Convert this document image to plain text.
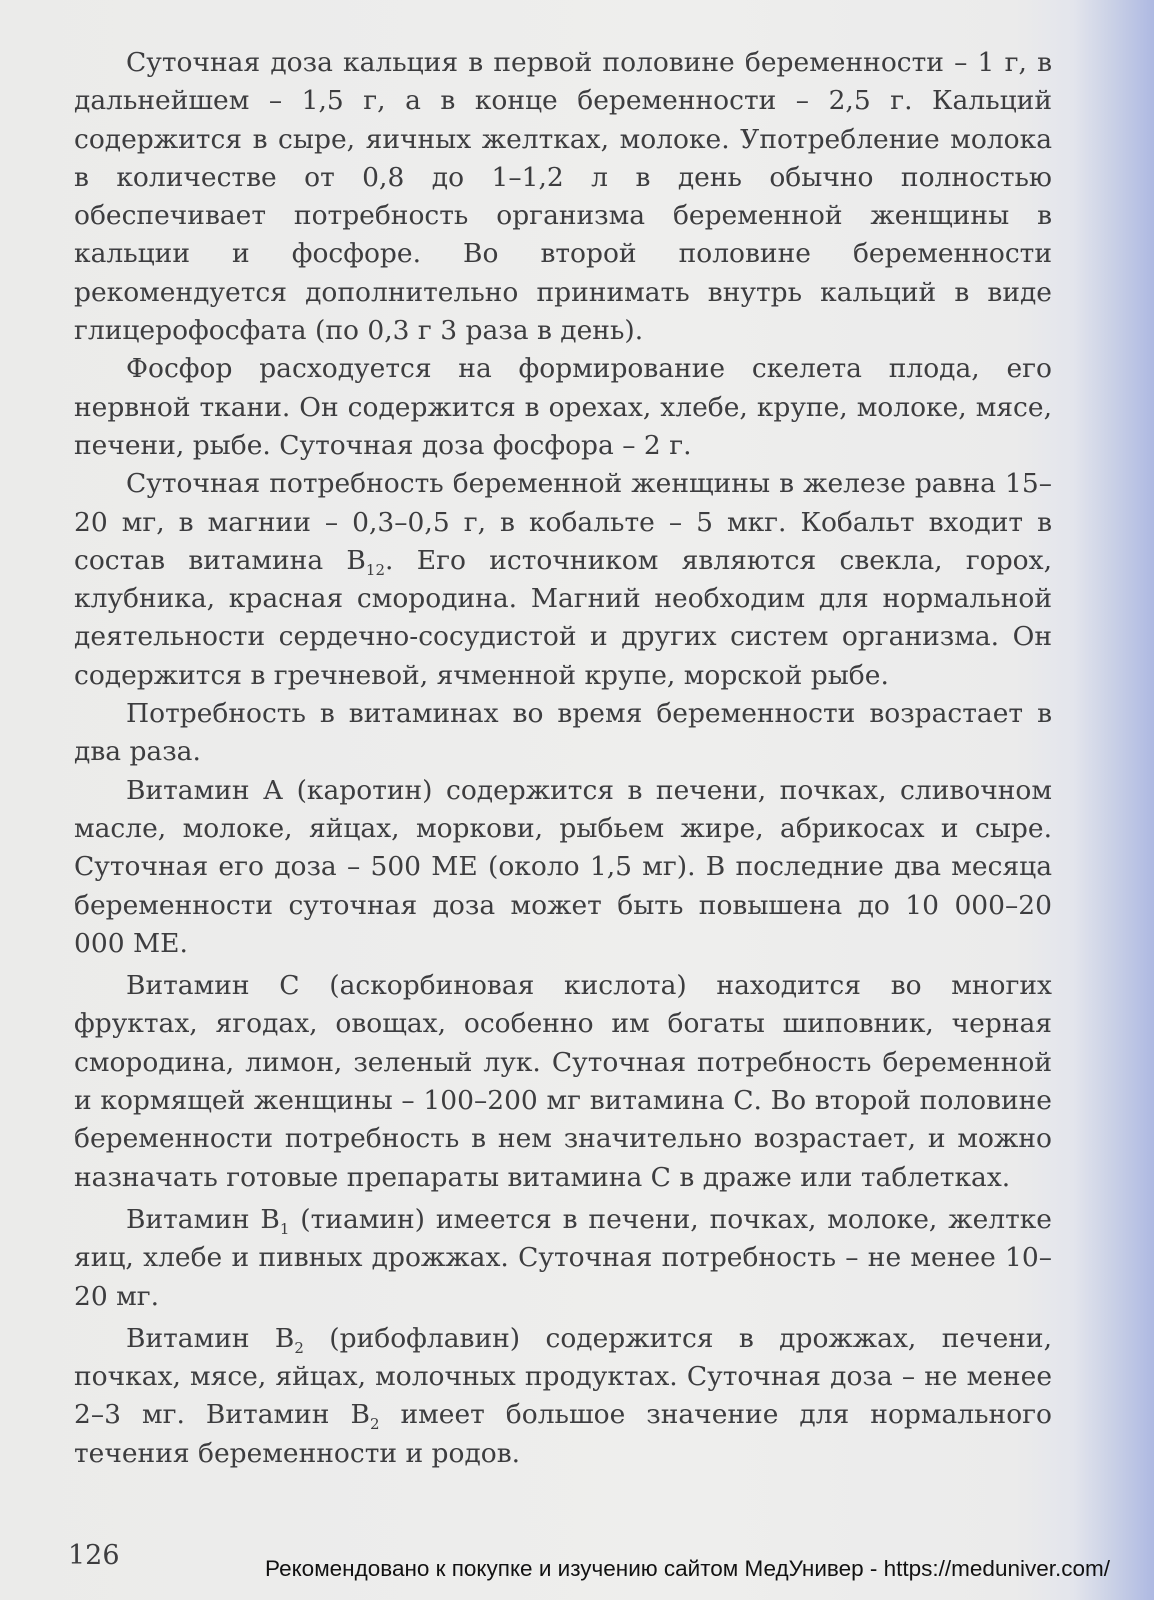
Суточная доза кальция в первой половине беременности – 1 г, в дальнейшем – 1,5 г, а в конце беременности – 2,5 г. Кальций содержится в сыре, яичных желтках, молоке. Употребление молока в количестве от 0,8 до 1–1,2 л в день обычно полностью обеспечивает потребность организма беременной женщины в кальции и фосфоре. Во второй половине беременности рекомендуется дополнительно принимать внутрь кальций в виде глицерофосфата (по 0,3 г 3 раза в день).

Фосфор расходуется на формирование скелета плода, его нервной ткани. Он содержится в орехах, хлебе, крупе, молоке, мясе, печени, рыбе. Суточная доза фосфора – 2 г.

Суточная потребность беременной женщины в железе равна 15–20 мг, в магнии – 0,3–0,5 г, в кобальте – 5 мкг. Кобальт входит в состав витамина $В_{12}$. Его источником являются свекла, горох, клубника, красная смородина. Магний необходим для нормальной деятельности сердечно-сосудистой и других систем организма. Он содержится в гречневой, ячменной крупе, морской рыбе.

Потребность в витаминах во время беременности возрастает в два раза.

Витамин А (каротин) содержится в печени, почках, сливочном масле, молоке, яйцах, моркови, рыбьем жире, абрикосах и сыре. Суточная его доза – 500 МЕ (около 1,5 мг). В последние два месяца беременности суточная доза может быть повышена до 10 000–20 000 МЕ.

Витамин С (аскорбиновая кислота) находится во многих фруктах, ягодах, овощах, особенно им богаты шиповник, черная смородина, лимон, зеленый лук. Суточная потребность беременной и кормящей женщины – 100–200 мг витамина С. Во второй половине беременности потребность в нем значительно возрастает, и можно назначать готовые препараты витамина С в драже или таблетках.

Витамин $В_1$ (тиамин) имеется в печени, почках, молоке, желтке яиц, хлебе и пивных дрожжах. Суточная потребность – не менее 10–20 мг.

Витамин $В_2$ (рибофлавин) содержится в дрожжах, печени, почках, мясе, яйцах, молочных продуктах. Суточная доза – не менее 2–3 мг. Витамин $В_2$ имеет большое значение для нормального течения беременности и родов.

126	Рекомендовано к покупке и изучению сайтом МедУнивер - https://meduniver.com/
